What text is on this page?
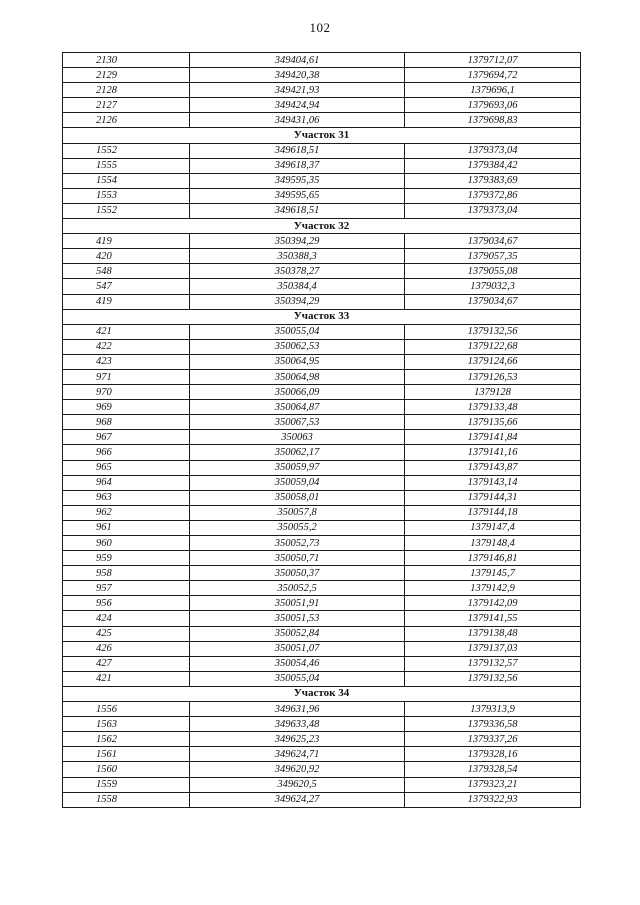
102
2130	349404,61	1379712,07
2129	349420,38	1379694,72
2128	349421,93	1379696,1
2127	349424,94	1379693,06
2126	349431,06	1379698,83
Участок 31		
1552	349618,51	1379373,04
1555	349618,37	1379384,42
1554	349595,35	1379383,69
1553	349595,65	1379372,86
1552	349618,51	1379373,04
Участок 32		
419	350394,29	1379034,67
420	350388,3	1379057,35
548	350378,27	1379055,08
547	350384,4	1379032,3
419	350394,29	1379034,67
Участок 33		
421	350055,04	1379132,56
422	350062,53	1379122,68
423	350064,95	1379124,66
971	350064,98	1379126,53
970	350066,09	1379128
969	350064,87	1379133,48
968	350067,53	1379135,66
967	350063	1379141,84
966	350062,17	1379141,16
965	350059,97	1379143,87
964	350059,04	1379143,14
963	350058,01	1379144,31
962	350057,8	1379144,18
961	350055,2	1379147,4
960	350052,73	1379148,4
959	350050,71	1379146,81
958	350050,37	1379145,7
957	350052,5	1379142,9
956	350051,91	1379142,09
424	350051,53	1379141,55
425	350052,84	1379138,48
426	350051,07	1379137,03
427	350054,46	1379132,57
421	350055,04	1379132,56
Участок 34		
1556	349631,96	1379313,9
1563	349633,48	1379336,58
1562	349625,23	1379337,26
1561	349624,71	1379328,16
1560	349620,92	1379328,54
1559	349620,5	1379323,21
1558	349624,27	1379322,93
